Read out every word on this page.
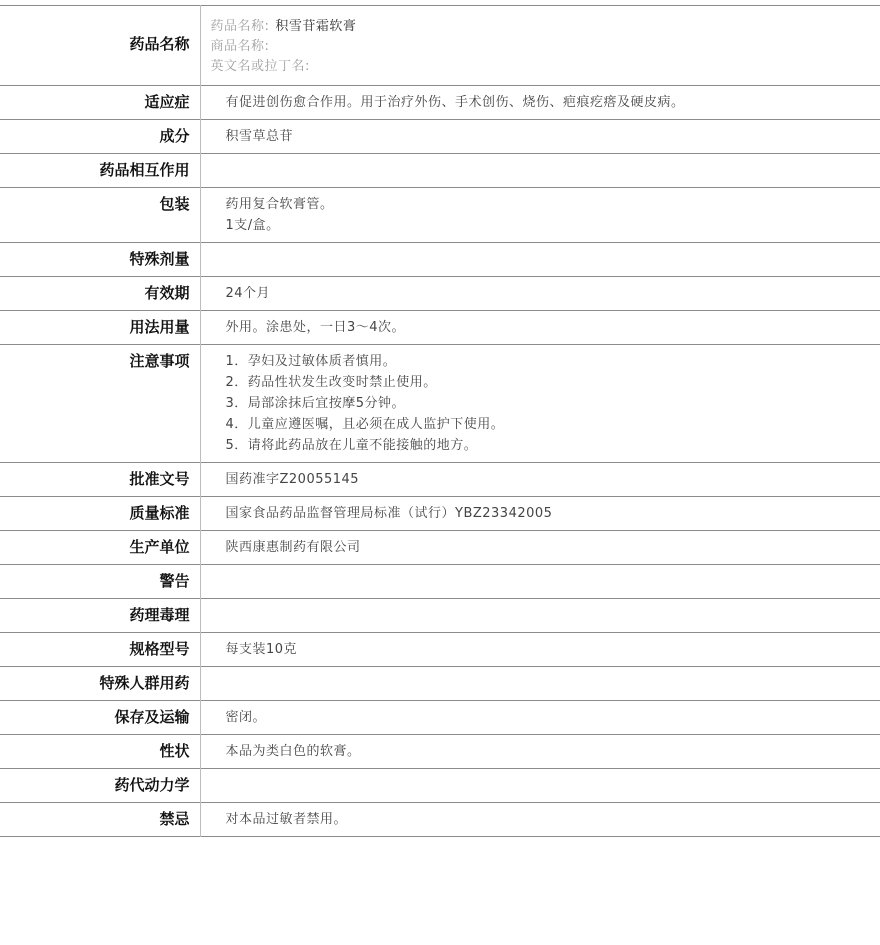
药品名称	药品名称: 积雪苷霜软膏
商品名称:
英文名或拉丁名:

适应症	有促进创伤愈合作用。用于治疗外伤、手术创伤、烧伤、疤痕疙瘩及硬皮病。

成分	积雪草总苷

药品相互作用	
包装	药用复合软膏管。
1支/盒。

特殊剂量	
有效期	24个月

用法用量	外用。涂患处，一日3～4次。

注意事项	1．孕妇及过敏体质者慎用。
2．药品性状发生改变时禁止使用。
3．局部涂抹后宜按摩5分钟。
4．儿童应遵医嘱，且必须在成人监护下使用。
5．请将此药品放在儿童不能接触的地方。

批准文号	国药准字Z20055145

质量标准	国家食品药品监督管理局标准（试行）YBZ23342005

生产单位	陕西康惠制药有限公司

警告	
药理毒理	
规格型号	每支装10克

特殊人群用药	
保存及运输	密闭。

性状	本品为类白色的软膏。

药代动力学	
禁忌	对本品过敏者禁用。
